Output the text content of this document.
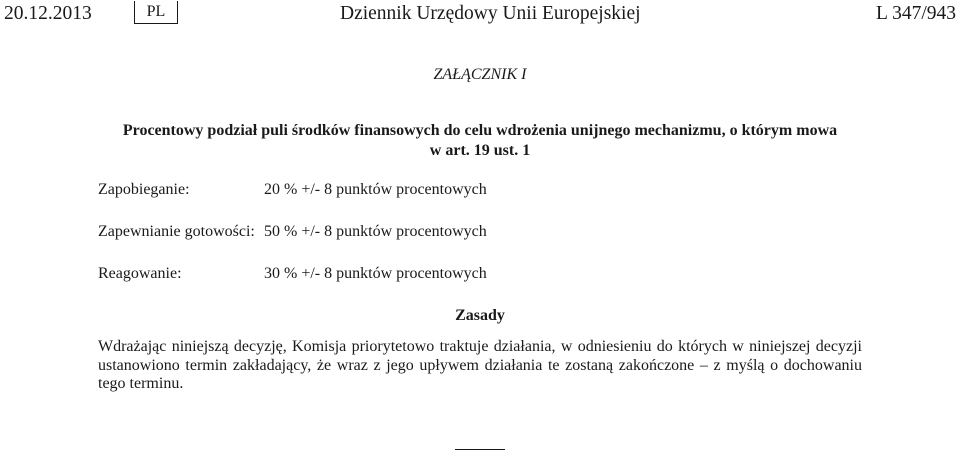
20.12.2013	PL	Dziennik Urzędowy Unii Europejskiej	L 347/943
ZAŁĄCZNIK I
Procentowy podział puli środków finansowych do celu wdrożenia unijnego mechanizmu, o którym mowa
w art. 19 ust. 1
Zapobieganie:	20 % +/- 8 punktów procentowych
Zapewnianie gotowości: 50 % +/- 8 punktów procentowych
Reagowanie:	30 % +/- 8 punktów procentowych
Zasady

Wdrażając niniejszą decyzję, Komisja priorytetowo traktuje działania, w odniesieniu do których w niniejszej decyzji ustanowiono termin zakładający, że wraz z jego upływem działania te zostaną zakończone – z myślą o dochowaniu tego terminu.
